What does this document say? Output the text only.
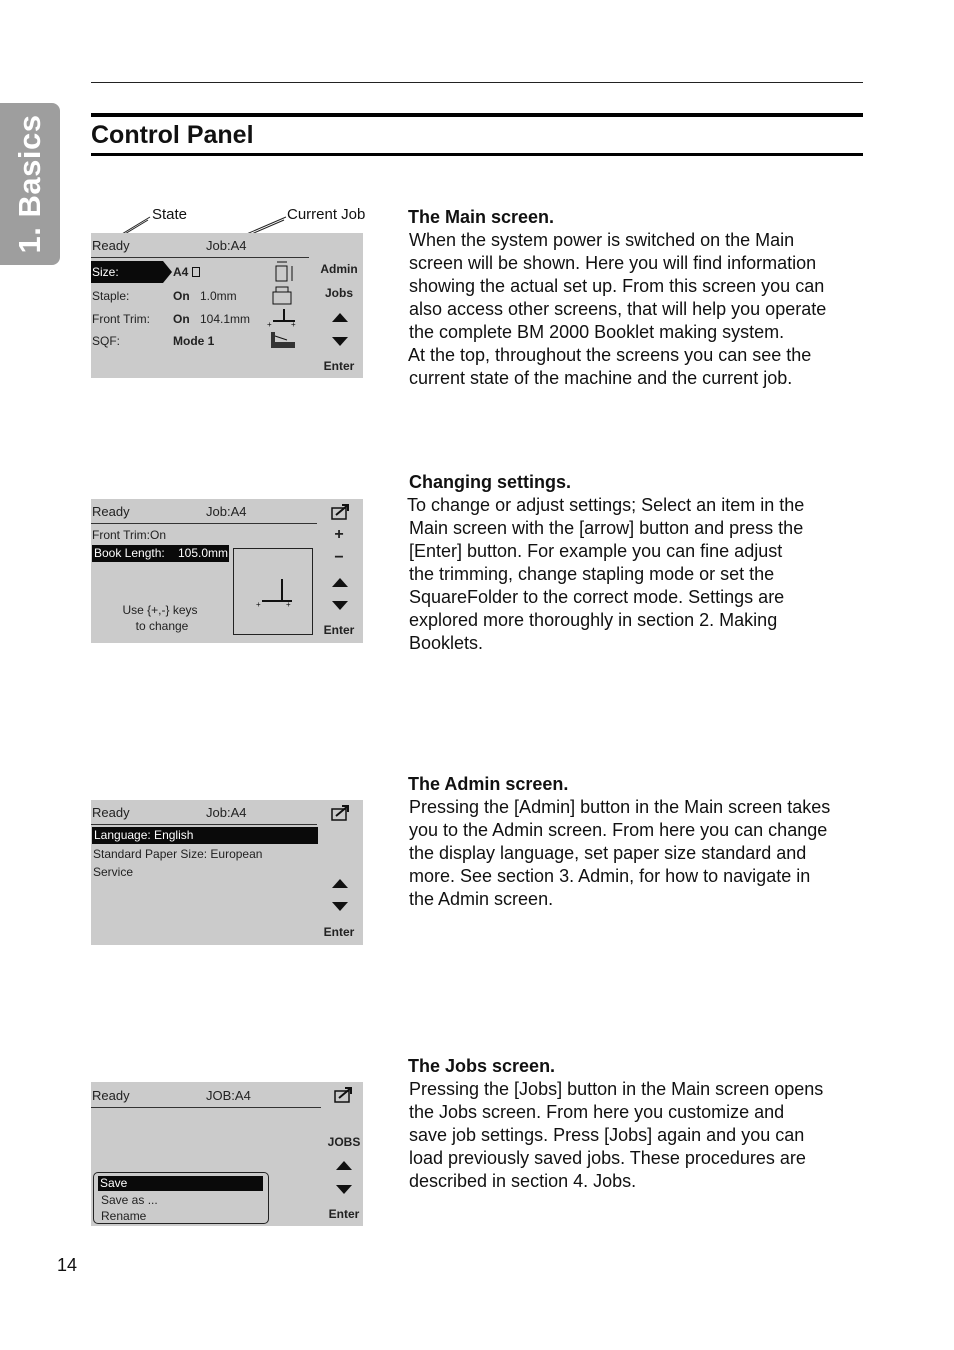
1. Basics Control Panel
State	Current Job
Ready	Job:A4
Size:	A4
Staple:	On 1.0mm
Front Trim: On 104.1mm
SQF:	Mode 1
+ +
Admin
Jobs
Enter
Ready	Job:A4
Front Trim:On
Book Length: 105.0mm
Use {+,-} keys
to change
+	+
+
−
Enter
Ready	Job:A4
Language: English
Standard Paper Size: European
Service
Enter
Ready	JOB:A4
Save
Save as ...
Rename
JOBS
Enter

The Main screen.

When the system power is switched on the Main

screen will be shown. Here you will find information

showing the actual set up. From this screen you can

also access other screens, that will help you operate

the complete BM 2000 Booklet making system.

At the top, throughout the screens you can see the

current state of the machine and the current job.

Changing settings.

To change or adjust settings; Select an item in the

Main screen with the [arrow] button and press the

[Enter] button. For example you can fine adjust

the trimming, change stapling mode or set the

SquareFolder to the correct mode. Settings are

explored more thoroughly in section 2. Making

Booklets.

The Admin screen.

Pressing the [Admin] button in the Main screen takes

you to the Admin screen. From here you can change

the display language, set paper size standard and

more. See section 3. Admin, for how to navigate in

the Admin screen.

The Jobs screen.

Pressing the [Jobs] button in the Main screen opens

the Jobs screen. From here you customize and

save job settings. Press [Jobs] again and you can

load previously saved jobs. These procedures are

described in section 4. Jobs.

14
